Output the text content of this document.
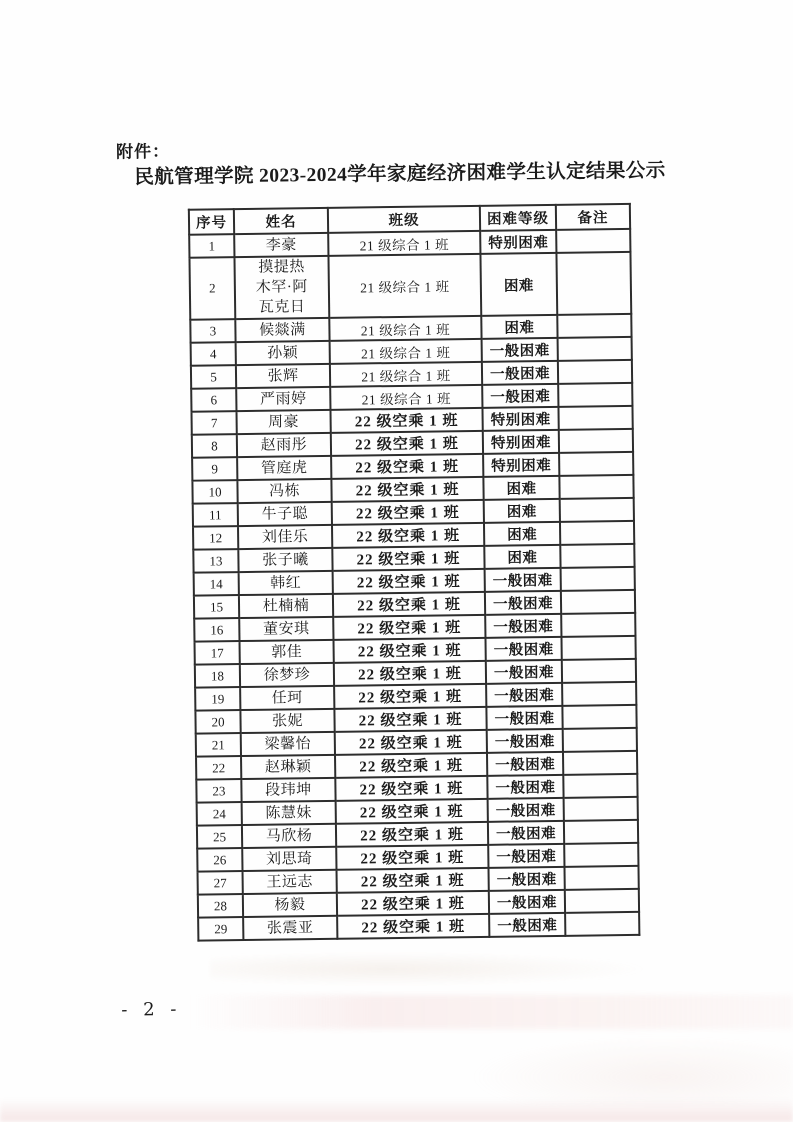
附件：
民航管理学院 2023-2024学年家庭经济困难学生认定结果公示
序号	姓名	班级	困难等级	备注
1	李豪	21 级综合 1 班	特别困难	
2	摸提热
木罕·阿
瓦克日	21 级综合 1 班	困难	
3	候燚满	21 级综合 1 班	困难	
4	孙颖	21 级综合 1 班	一般困难	
5	张辉	21 级综合 1 班	一般困难	
6	严雨婷	21 级综合 1 班	一般困难	
7	周豪	22 级空乘 1 班	特别困难	
8	赵雨彤	22 级空乘 1 班	特别困难	
9	管庭虎	22 级空乘 1 班	特别困难	
10	冯栋	22 级空乘 1 班	困难	
11	牛子聪	22 级空乘 1 班	困难	
12	刘佳乐	22 级空乘 1 班	困难	
13	张子曦	22 级空乘 1 班	困难	
14	韩红	22 级空乘 1 班	一般困难	
15	杜楠楠	22 级空乘 1 班	一般困难	
16	董安琪	22 级空乘 1 班	一般困难	
17	郭佳	22 级空乘 1 班	一般困难	
18	徐梦珍	22 级空乘 1 班	一般困难	
19	任珂	22 级空乘 1 班	一般困难	
20	张妮	22 级空乘 1 班	一般困难	
21	梁馨怡	22 级空乘 1 班	一般困难	
22	赵琳颖	22 级空乘 1 班	一般困难	
23	段玮坤	22 级空乘 1 班	一般困难	
24	陈慧妹	22 级空乘 1 班	一般困难	
25	马欣杨	22 级空乘 1 班	一般困难	
26	刘思琦	22 级空乘 1 班	一般困难	
27	王远志	22 级空乘 1 班	一般困难	
28	杨毅	22 级空乘 1 班	一般困难	
29	张震亚	22 级空乘 1 班	一般困难	
- 2 -
